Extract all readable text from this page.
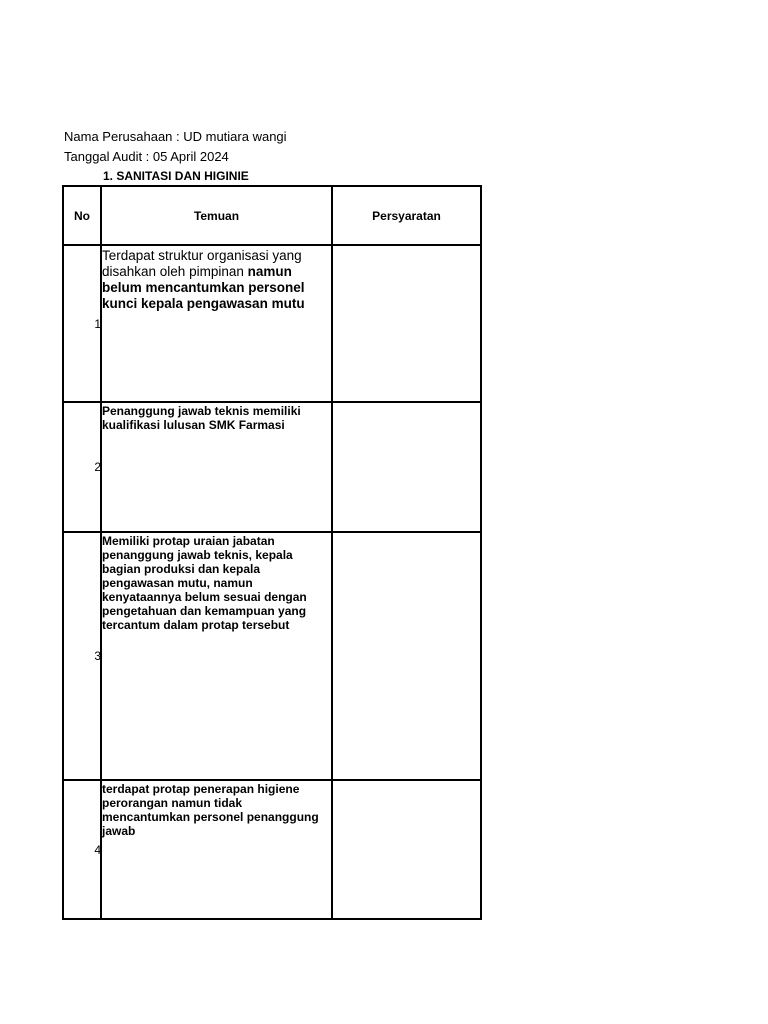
Nama Perusahaan : UD mutiara wangi
Tanggal Audit : 05 April 2024
1. SANITASI DAN HIGINIE
No	Temuan	Persyaratan
1	Terdapat struktur organisasi yang disahkan oleh pimpinan namun belum mencantumkan personel kunci kepala pengawasan mutu	

2	Penanggung jawab teknis memiliki kualifikasi lulusan SMK Farmasi	

3	Memiliki protap uraian jabatan penanggung jawab teknis, kepala bagian produksi dan kepala pengawasan mutu, namun kenyataannya belum sesuai dengan pengetahuan dan kemampuan yang tercantum dalam protap tersebut	

4	terdapat protap penerapan higiene perorangan namun tidak mencantumkan personel penanggung jawab	
